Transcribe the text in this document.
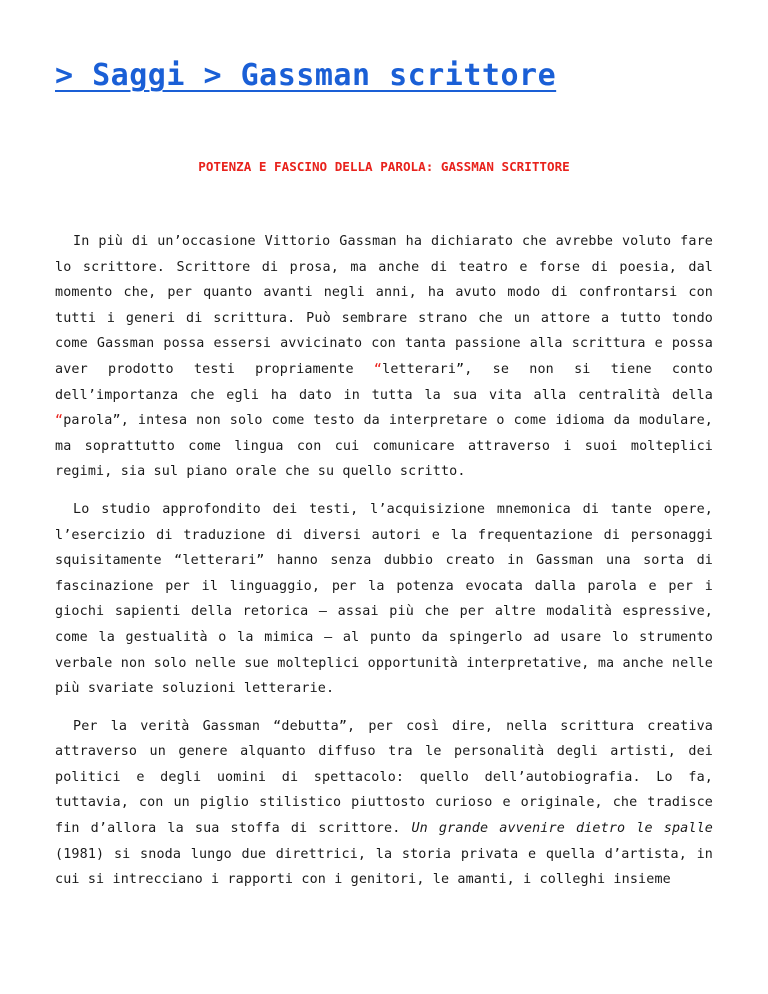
> Saggi > Gassman scrittore
POTENZA E FASCINO DELLA PAROLA: GASSMAN SCRITTORE

In più di un’occasione Vittorio Gassman ha dichiarato che avrebbe voluto fare lo scrittore. Scrittore di prosa, ma anche di teatro e forse di poesia, dal momento che, per quanto avanti negli anni, ha avuto modo di confrontarsi con tutti i generi di scrittura. Può sembrare strano che un attore a tutto tondo come Gassman possa essersi avvicinato con tanta passione alla scrittura e possa aver prodotto testi propriamente “letterari”, se non si tiene conto dell’importanza che egli ha dato in tutta la sua vita alla centralità della “parola”, intesa non solo come testo da interpretare o come idioma da modulare, ma soprattutto come lingua con cui comunicare attraverso i suoi molteplici regimi, sia sul piano orale che su quello scritto.

Lo studio approfondito dei testi, l’acquisizione mnemonica di tante opere, l’esercizio di traduzione di diversi autori e la frequentazione di personaggi squisitamente “letterari” hanno senza dubbio creato in Gassman una sorta di fascinazione per il linguaggio, per la potenza evocata dalla parola e per i giochi sapienti della retorica – assai più che per altre modalità espressive, come la gestualità o la mimica – al punto da spingerlo ad usare lo strumento verbale non solo nelle sue molteplici opportunità interpretative, ma anche nelle più svariate soluzioni letterarie.

Per la verità Gassman “debutta”, per così dire, nella scrittura creativa attraverso un genere alquanto diffuso tra le personalità degli artisti, dei politici e degli uomini di spettacolo: quello dell’autobiografia. Lo fa, tuttavia, con un piglio stilistico piuttosto curioso e originale, che tradisce fin d’allora la sua stoffa di scrittore. Un grande avvenire dietro le spalle (1981) si snoda lungo due direttrici, la storia privata e quella d’artista, in cui si intrecciano i rapporti con i genitori, le amanti, i colleghi insieme
